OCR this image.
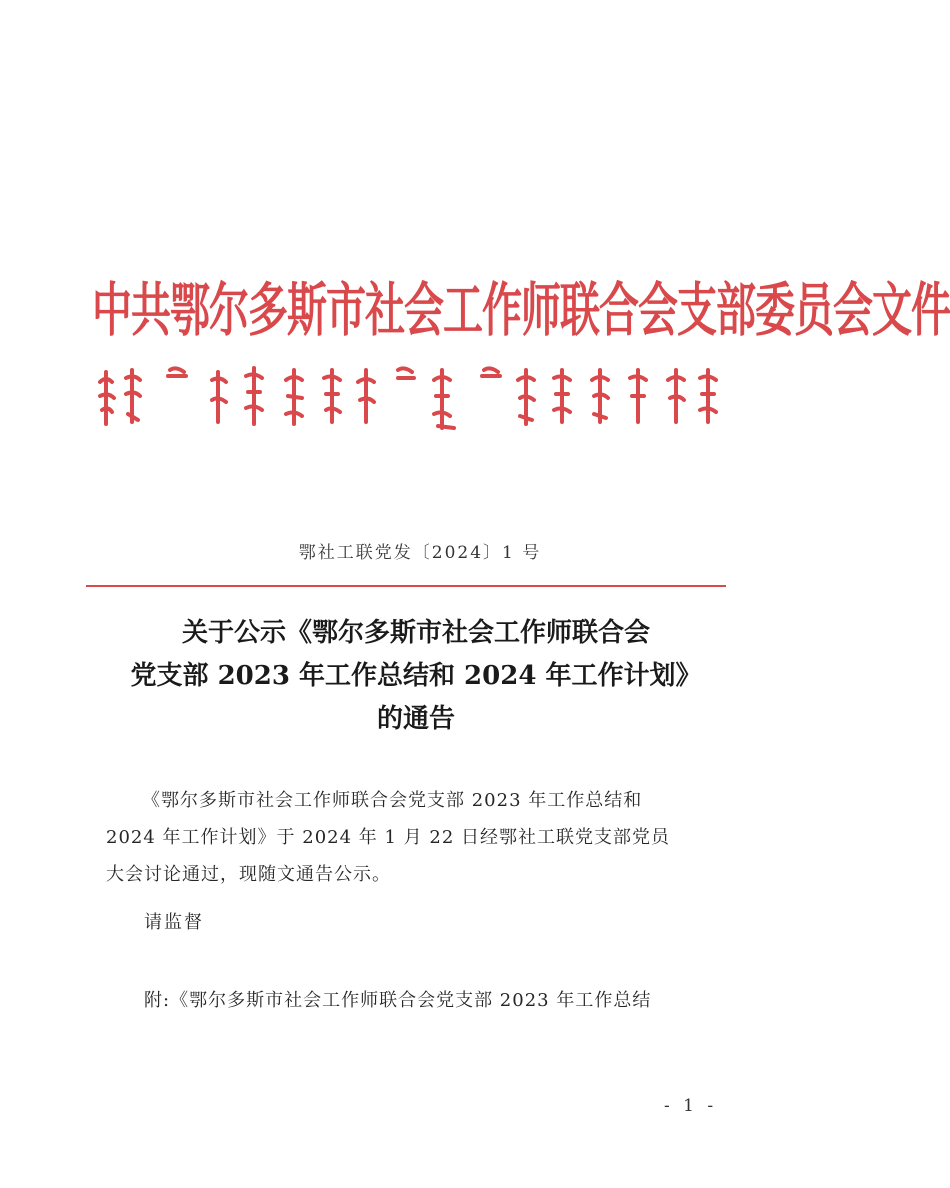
中共鄂尔多斯市社会工作师联合会支部委员会文件
鄂社工联党发〔2024〕1 号
关于公示《鄂尔多斯市社会工作师联合会
党支部 2023 年工作总结和 2024 年工作计划》
的通告
《鄂尔多斯市社会工作师联合会党支部 2023 年工作总结和
2024 年工作计划》于 2024 年 1 月 22 日经鄂社工联党支部党员
大会讨论通过，现随文通告公示。
请监督
附:《鄂尔多斯市社会工作师联合会党支部 2023 年工作总结
- 1 -
